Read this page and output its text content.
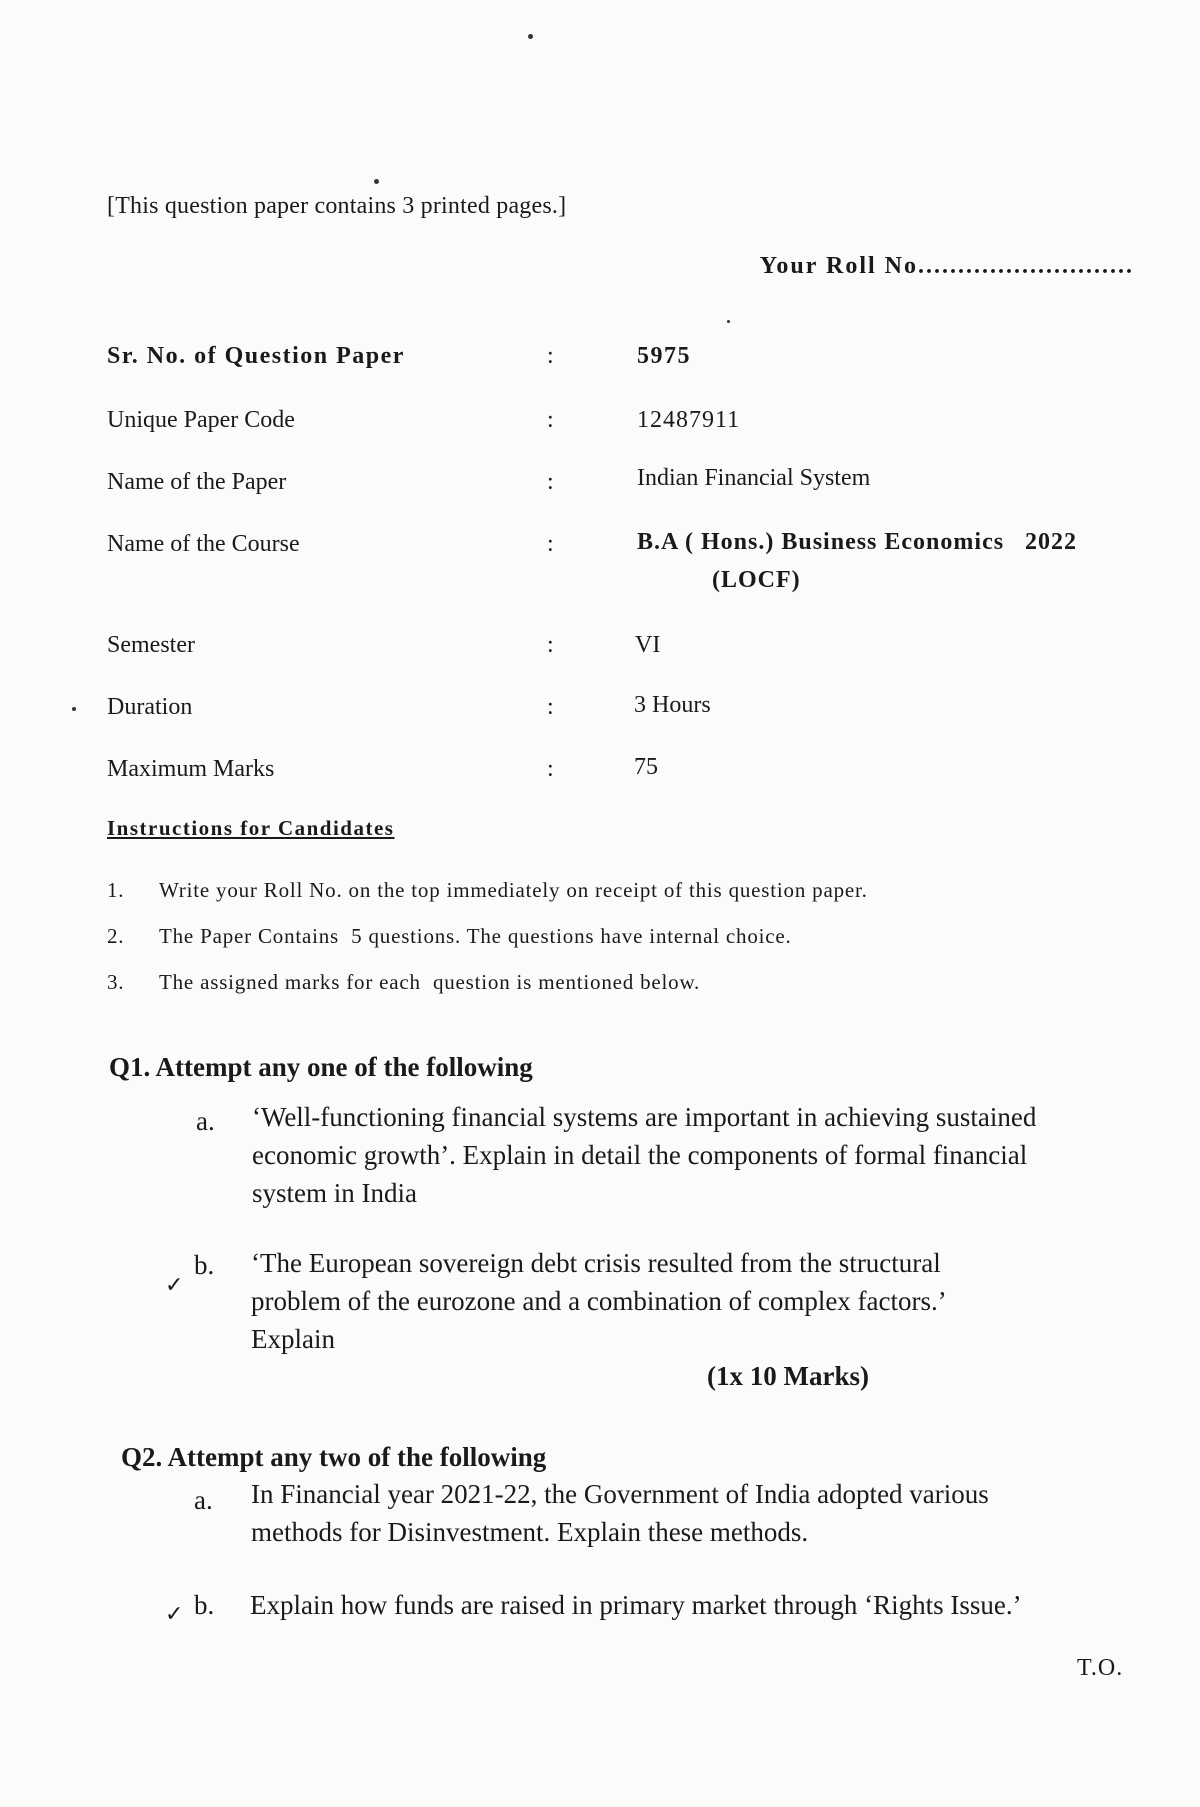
[This question paper contains 3 printed pages.]
Your Roll No...........................
Sr. No. of Question Paper	:	5975
Unique Paper Code	:	12487911
Name of the Paper	:	Indian Financial System
Name of the Course	:	B.A ( Hons.) Business Economics   2022
(LOCF)
Semester	:	VI
Duration	:	3 Hours
Maximum Marks	:	75
Instructions for Candidates
1. Write your Roll No. on the top immediately on receipt of this question paper.
2. The Paper Contains  5 questions. The questions have internal choice.
3. The assigned marks for each  question is mentioned below.
Q1. Attempt any one of the following
a. ‘Well-functioning financial systems are important in achieving sustained economic growth’. Explain in detail the components of formal financial system in India
✓
b. ‘The European sovereign debt crisis resulted from the structural problem of the eurozone and a combination of complex factors.’ Explain
(1x 10 Marks)
Q2. Attempt any two of the following
a. In Financial year 2021-22, the Government of India adopted various methods for Disinvestment. Explain these methods.
✓ b. Explain how funds are raised in primary market through ‘Rights Issue.’
T.O.
